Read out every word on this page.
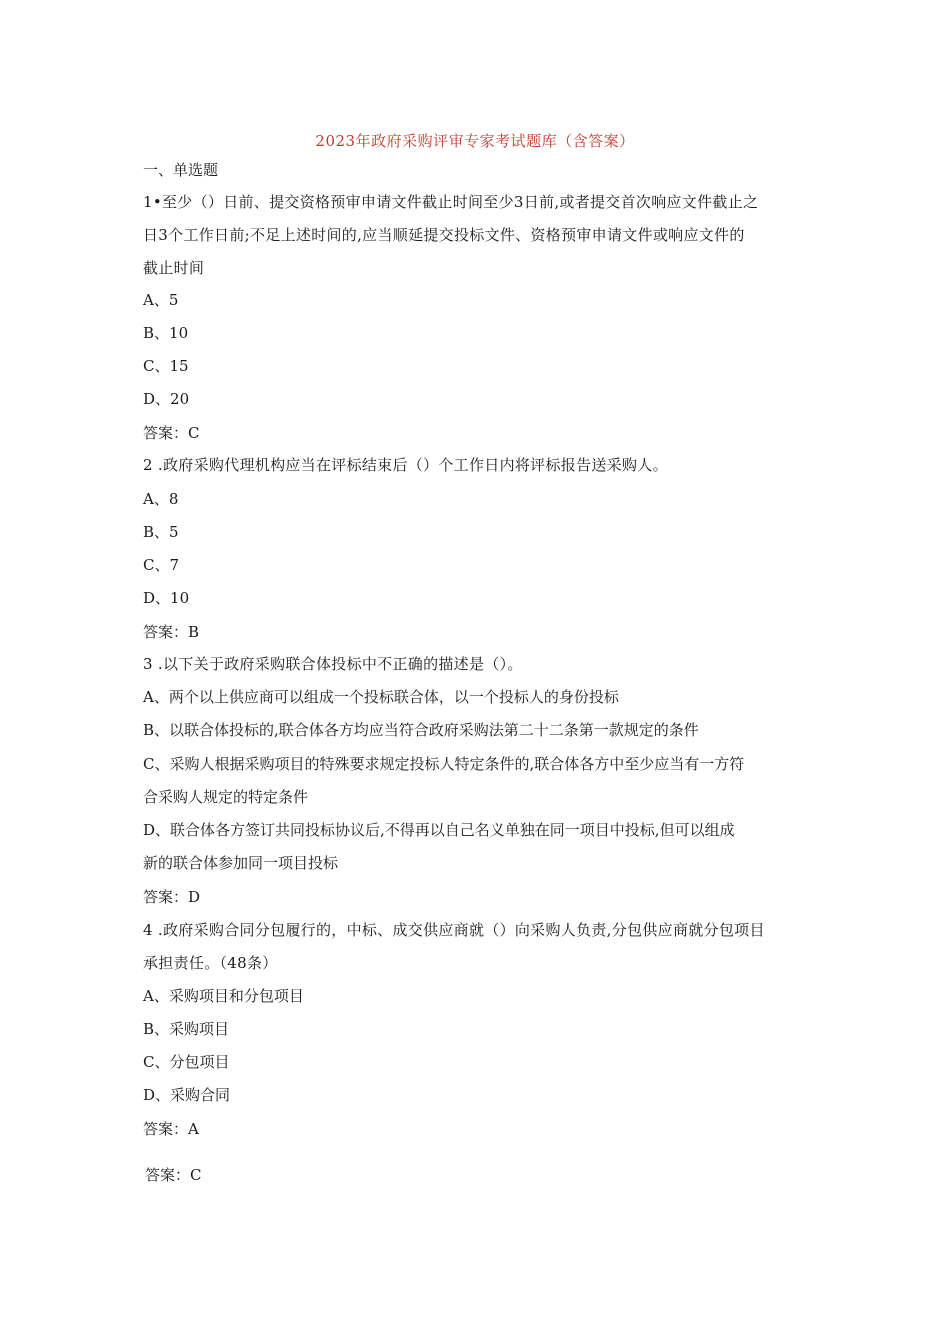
2023年政府采购评审专家考试题库（含答案）
一、单选题
1•至少（）日前、提交资格预审申请文件截止时间至少3日前,或者提交首次响应文件截止之
日3个工作日前;不足上述时间的,应当顺延提交投标文件、资格预审申请文件或响应文件的
截止时间
A、5
B、10
C、15
D、20
答案：C
2 .政府采购代理机构应当在评标结束后（）个工作日内将评标报告送采购人。
A、8
B、5
C、7
D、10
答案：B
3 .以下关于政府采购联合体投标中不正确的描述是（）。
A、两个以上供应商可以组成一个投标联合体，以一个投标人的身份投标
B、以联合体投标的,联合体各方均应当符合政府采购法第二十二条第一款规定的条件
C、采购人根据采购项目的特殊要求规定投标人特定条件的,联合体各方中至少应当有一方符
合采购人规定的特定条件
D、联合体各方签订共同投标协议后,不得再以自己名义单独在同一项目中投标,但可以组成
新的联合体参加同一项目投标
答案：D
4 .政府采购合同分包履行的，中标、成交供应商就（）向采购人负责,分包供应商就分包项目
承担责任。（48条）
A、采购项目和分包项目
B、采购项目
C、分包项目
D、采购合同
答案：A
答案：C
